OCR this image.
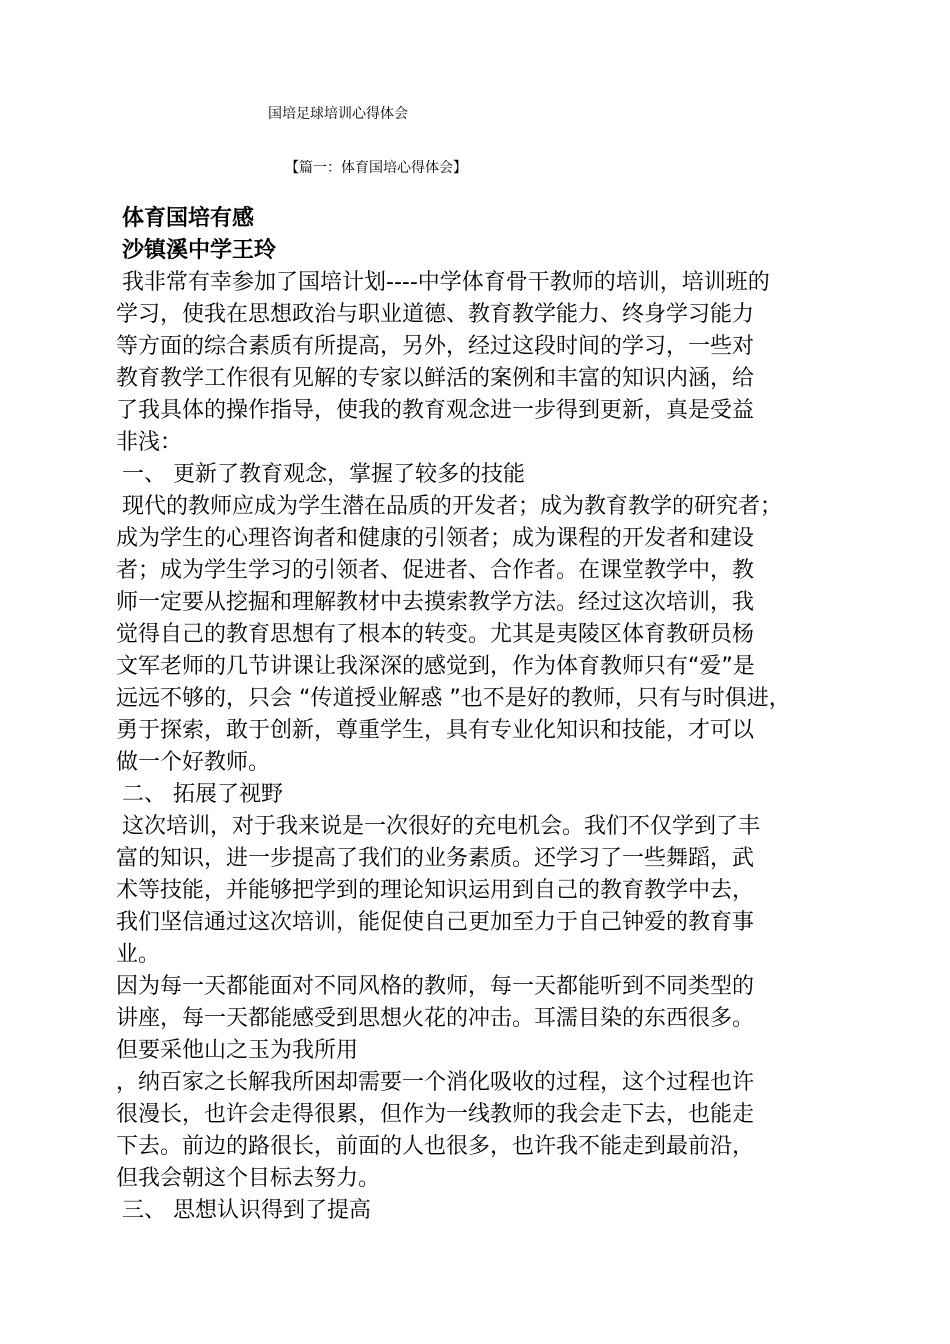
国培足球培训心得体会
【篇一：体育国培心得体会】
体育国培有感
沙镇溪中学王玲
我非常有幸参加了国培计划----中学体育骨干教师的培训，培训班的
学习，使我在思想政治与职业道德、教育教学能力、终身学习能力
等方面的综合素质有所提高，另外，经过这段时间的学习，一些对
教育教学工作很有见解的专家以鲜活的案例和丰富的知识内涵，给
了我具体的操作指导，使我的教育观念进一步得到更新，真是受益
非浅：
一、 更新了教育观念，掌握了较多的技能
现代的教师应成为学生潜在品质的开发者；成为教育教学的研究者；
成为学生的心理咨询者和健康的引领者；成为课程的开发者和建设
者；成为学生学习的引领者、促进者、合作者。在课堂教学中，教
师一定要从挖掘和理解教材中去摸索教学方法。经过这次培训，我
觉得自己的教育思想有了根本的转变。尤其是夷陵区体育教研员杨
文军老师的几节讲课让我深深的感觉到，作为体育教师只有“爱”是
远远不够的，只会 “传道授业解惑 ”也不是好的教师，只有与时俱进，
勇于探索，敢于创新，尊重学生，具有专业化知识和技能，才可以
做一个好教师。
二、 拓展了视野
这次培训，对于我来说是一次很好的充电机会。我们不仅学到了丰
富的知识，进一步提高了我们的业务素质。还学习了一些舞蹈，武
术等技能，并能够把学到的理论知识运用到自己的教育教学中去，
我们坚信通过这次培训，能促使自己更加至力于自己钟爱的教育事
业。
因为每一天都能面对不同风格的教师，每一天都能听到不同类型的
讲座，每一天都能感受到思想火花的冲击。耳濡目染的东西很多。
但要采他山之玉为我所用
，纳百家之长解我所困却需要一个消化吸收的过程，这个过程也许
很漫长，也许会走得很累，但作为一线教师的我会走下去，也能走
下去。前边的路很长，前面的人也很多，也许我不能走到最前沿，
但我会朝这个目标去努力。
三、 思想认识得到了提高
